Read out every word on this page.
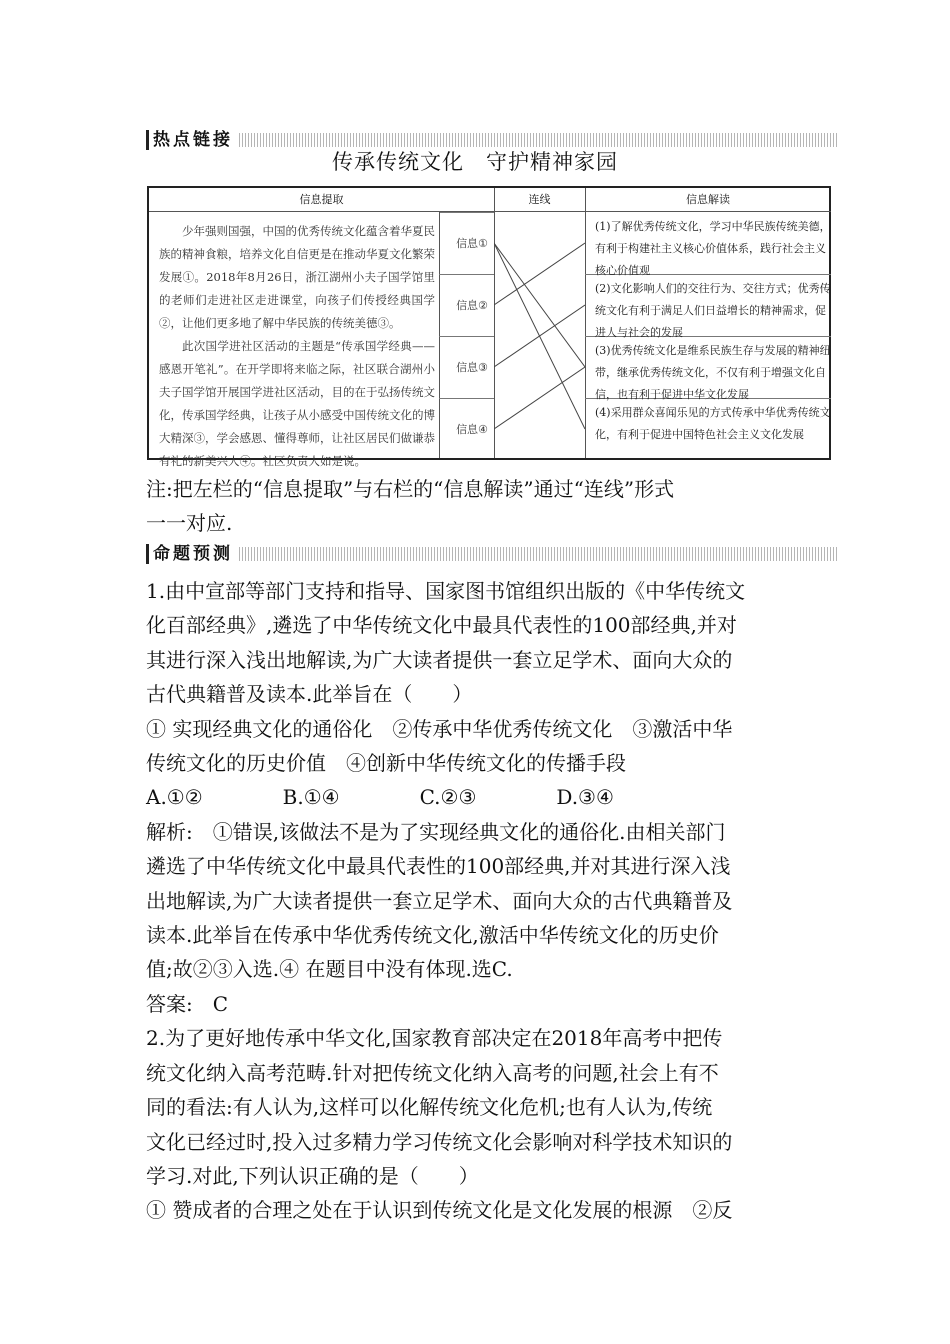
热点链接
传承传统文化　守护精神家园
信息提取	连线	信息解读

少年强则国强，中国的优秀传统文化蕴含着华夏民族的精神食粮，培养文化自信更是在推动华夏文化繁荣发展①。2018年8月26日，浙江湖州小夫子国学馆里的老师们走进社区走进课堂，向孩子们传授经典国学②，让他们更多地了解中华民族的传统美德③。

此次国学进社区活动的主题是“传承国学经典——感恩开笔礼”。在开学即将来临之际，社区联合湖州小夫子国学馆开展国学进社区活动，目的在于弘扬传统文化，传承国学经典，让孩子从小感受中国传统文化的博大精深③，学会感恩、懂得尊师，让社区居民们做谦恭有礼的新美兴人④。社区负责人如是说。

信息①
信息②
信息③
信息④
(1)了解优秀传统文化，学习中华民族传统美德，有利于构建社主义核心价值体系，践行社会主义核心价值观
(2)文化影响人们的交往行为、交往方式；优秀传统文化有利于满足人们日益增长的精神需求，促进人与社会的发展
(3)优秀传统文化是维系民族生存与发展的精神纽带，继承优秀传统文化，不仅有利于增强文化自信，也有利于促进中华文化发展
(4)采用群众喜闻乐见的方式传承中华优秀传统文化，有利于促进中国特色社会主义文化发展
注:把左栏的“信息提取”与右栏的“信息解读”通过“连线”形式
一一对应.
命题预测
1.由中宣部等部门支持和指导、国家图书馆组织出版的《中华传统文
化百部经典》,遴选了中华传统文化中最具代表性的100部经典,并对
其进行深入浅出地解读,为广大读者提供一套立足学术、面向大众的
古代典籍普及读本.此举旨在（　　）
① 实现经典文化的通俗化　②传承中华优秀传统文化　③激活中华
传统文化的历史价值　④创新中华传统文化的传播手段
A.①②　　　　B.①④　　　　C.②③　　　　D.③④
解析:　①错误,该做法不是为了实现经典文化的通俗化.由相关部门
遴选了中华传统文化中最具代表性的100部经典,并对其进行深入浅
出地解读,为广大读者提供一套立足学术、面向大众的古代典籍普及
读本.此举旨在传承中华优秀传统文化,激活中华传统文化的历史价
值;故②③入选.④ 在题目中没有体现.选C.
答案:　C
2.为了更好地传承中华文化,国家教育部决定在2018年高考中把传
统文化纳入高考范畴.针对把传统文化纳入高考的问题,社会上有不
同的看法:有人认为,这样可以化解传统文化危机;也有人认为,传统
文化已经过时,投入过多精力学习传统文化会影响对科学技术知识的
学习.对此,下列认识正确的是（　　）
① 赞成者的合理之处在于认识到传统文化是文化发展的根源　②反
